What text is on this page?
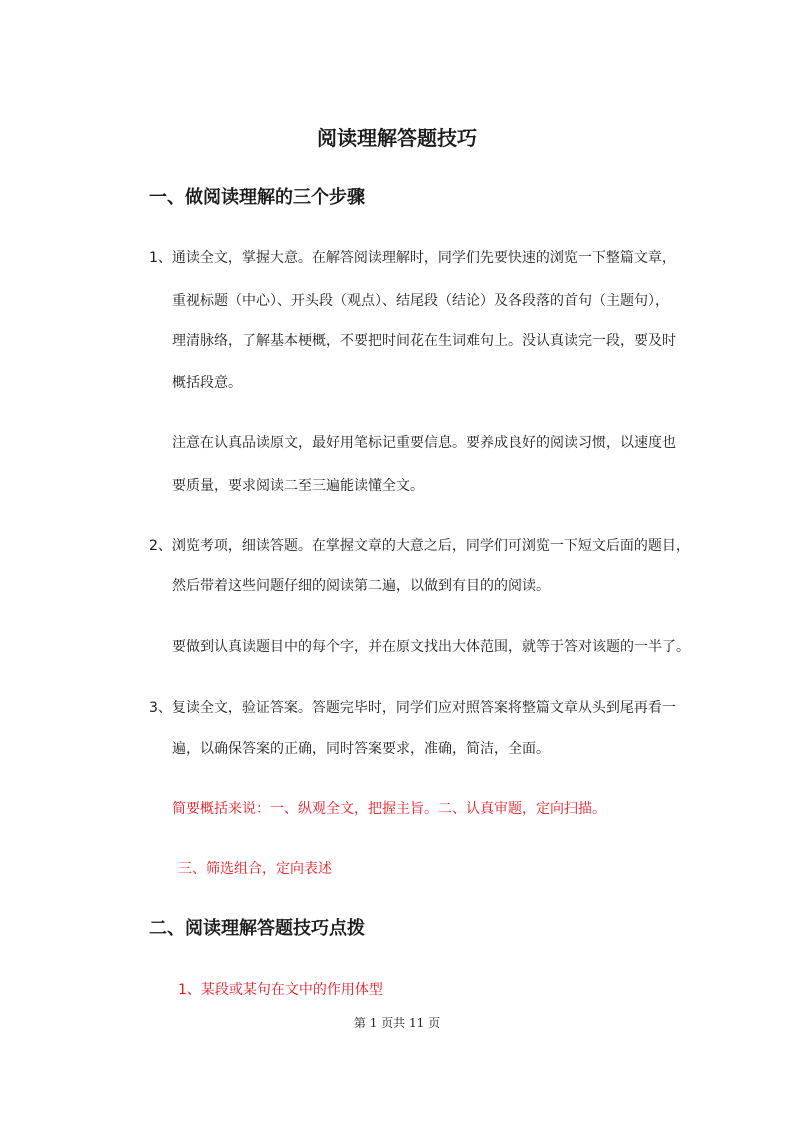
阅读理解答题技巧
一、做阅读理解的三个步骤
1、通读全文，掌握大意。在解答阅读理解时，同学们先要快速的浏览一下整篇文章，
重视标题（中心）、开头段（观点）、结尾段（结论）及各段落的首句（主题句），
理清脉络，了解基本梗概，不要把时间花在生词难句上。没认真读完一段，要及时
概括段意。
注意在认真品读原文，最好用笔标记重要信息。要养成良好的阅读习惯，以速度也
要质量，要求阅读二至三遍能读懂全文。
2、浏览考项，细读答题。在掌握文章的大意之后，同学们可浏览一下短文后面的题目，
然后带着这些问题仔细的阅读第二遍，以做到有目的的阅读。
要做到认真读题目中的每个字，并在原文找出大体范围，就等于答对该题的一半了。
3、复读全文，验证答案。答题完毕时，同学们应对照答案将整篇文章从头到尾再看一
遍，以确保答案的正确，同时答案要求，准确，简洁，全面。
简要概括来说：一、纵观全文，把握主旨。二、认真审题，定向扫描。
三、筛选组合，定向表述
二、阅读理解答题技巧点拨
1、某段或某句在文中的作用体型
第 1 页共 11 页
